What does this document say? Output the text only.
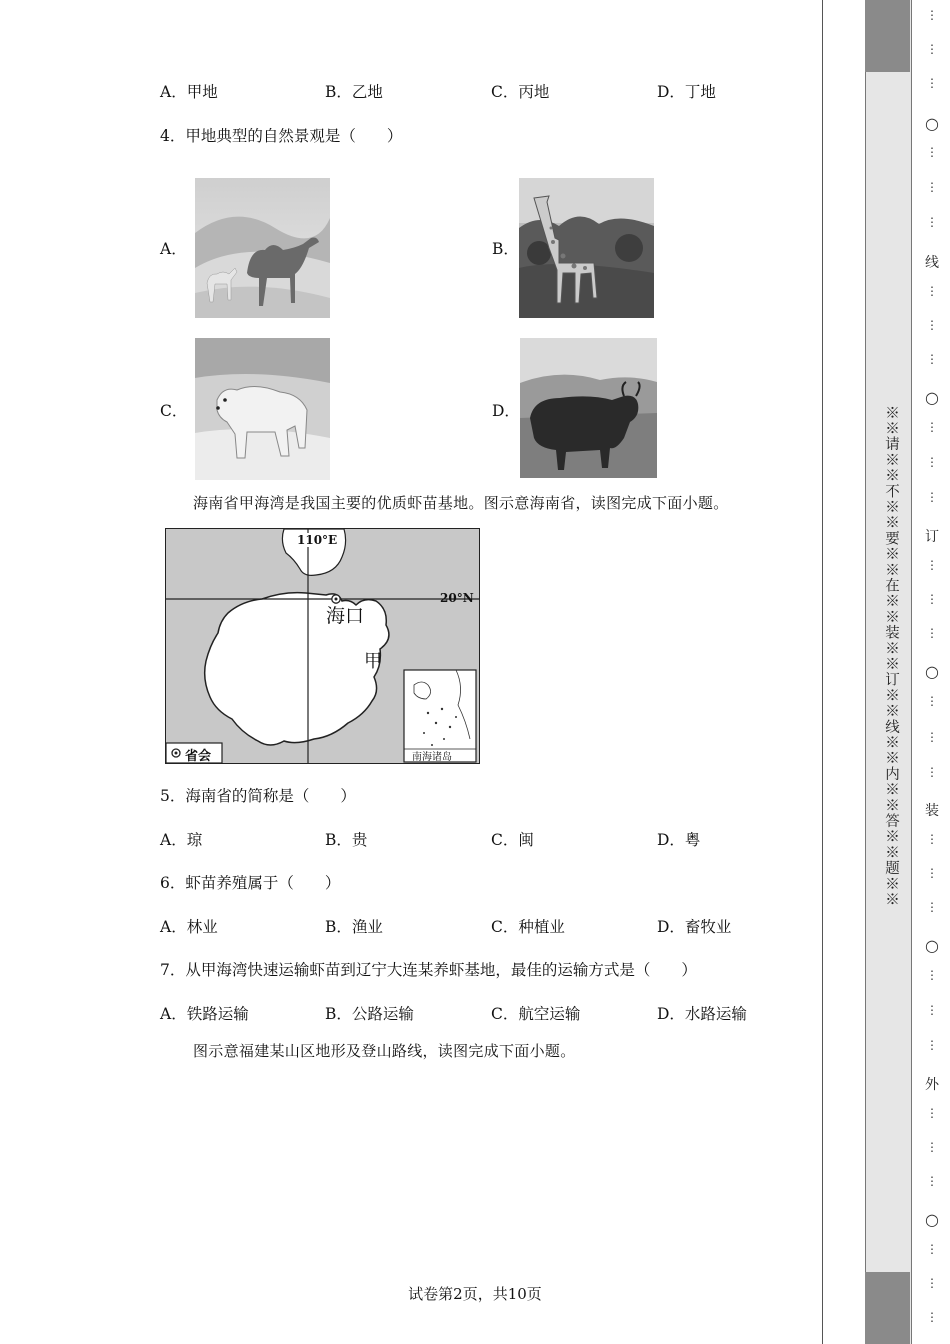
A．甲地	B．乙地	C．丙地	D．丁地
4．甲地典型的自然景观是（　　）
A．	B．
C．	D．
海南省甲海湾是我国主要的优质虾苗基地。图示意海南省，读图完成下面小题。
110°E
20°N
海口
甲
省会	南海诸岛
5．海南省的简称是（　　）
A．琼	B．贵	C．闽	D．粤
6．虾苗养殖属于（　　）
A．林业	B．渔业	C．种植业	D．畜牧业
7．从甲海湾快速运输虾苗到辽宁大连某养虾基地，最佳的运输方式是（　　）
A．铁路运输	B．公路运输	C．航空运输	D．水路运输
图示意福建某山区地形及登山路线，读图完成下面小题。
试卷第2页，共10页
※※请※※不※※要※※在※※装※※订※※线※※内※※答※※题※※
⋮
⋮
⋮
○
⋮
⋮
⋮
线
⋮
⋮
⋮
○
⋮
⋮
⋮
订
⋮
⋮
⋮
○
⋮
⋮
⋮
装
⋮
⋮
⋮
○
⋮
⋮
⋮
外
⋮
⋮
⋮
○
⋮
⋮
⋮
